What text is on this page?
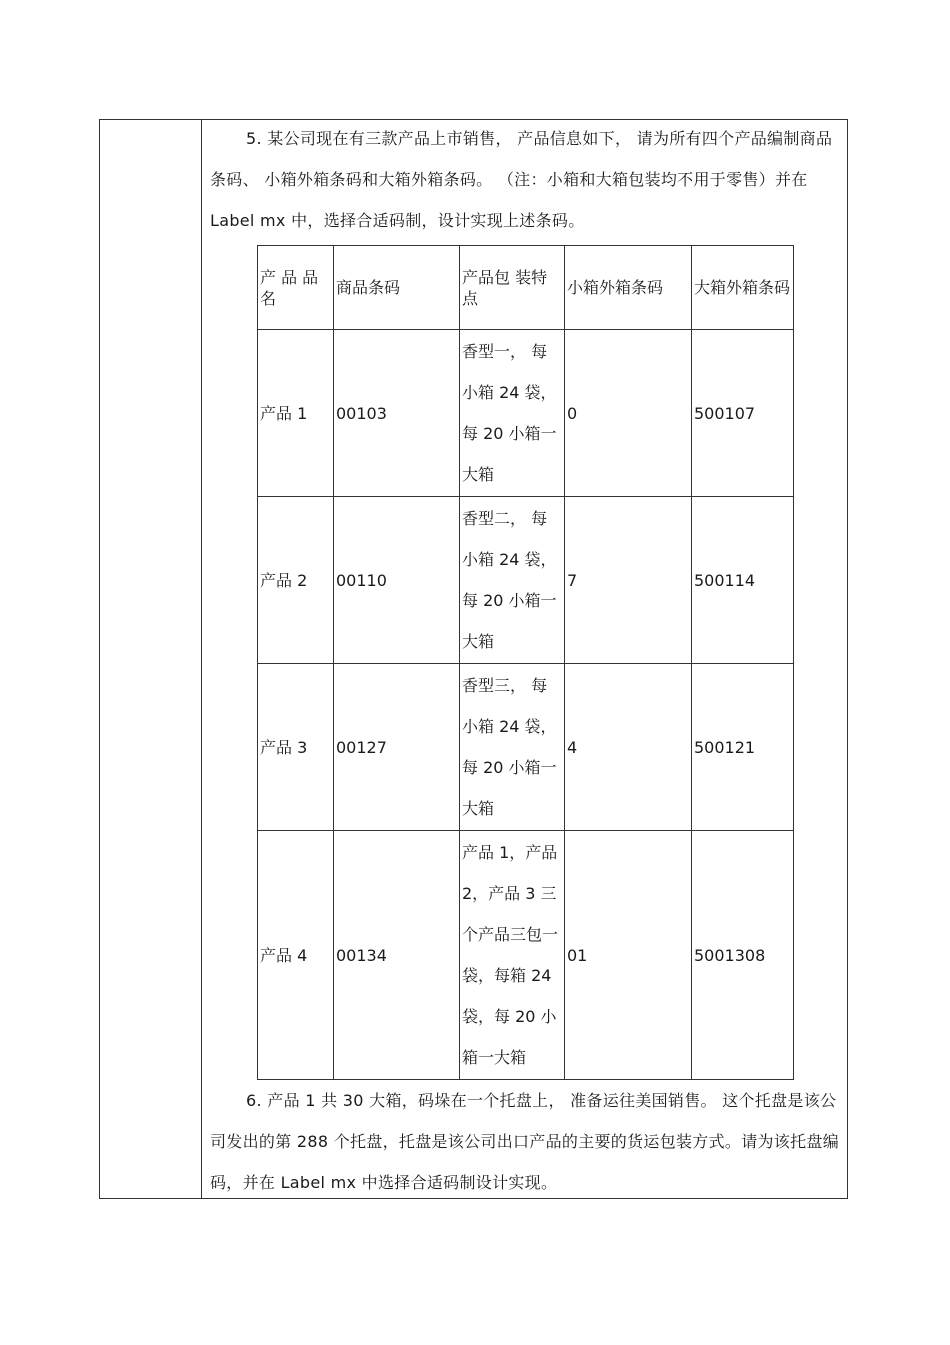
5. 某公司现在有三款产品上市销售， 产品信息如下， 请为所有四个产品编制商品条码、 小箱外箱条码和大箱外箱条码。 （注：小箱和大箱包装均不用于零售）并在 Label mx 中，选择合适码制，设计实现上述条码。

产 品 品 名	商品条码	产品包 装特点	小箱外箱条码	大箱外箱条码
产品 1	00103	香型一， 每小箱 24 袋，每 20 小箱一大箱	0	500107
产品 2	00110	香型二， 每小箱 24 袋，每 20 小箱一大箱	7	500114
产品 3	00127	香型三， 每小箱 24 袋，每 20 小箱一大箱	4	500121
产品 4	00134	产品 1，产品 2，产品 3 三个产品三包一袋，每箱 24 袋，每 20 小箱一大箱	01	5001308

6. 产品 1 共 30 大箱，码垛在一个托盘上， 准备运往美国销售。 这个托盘是该公司发出的第 288 个托盘，托盘是该公司出口产品的主要的货运包装方式。请为该托盘编码，并在 Label mx 中选择合适码制设计实现。
